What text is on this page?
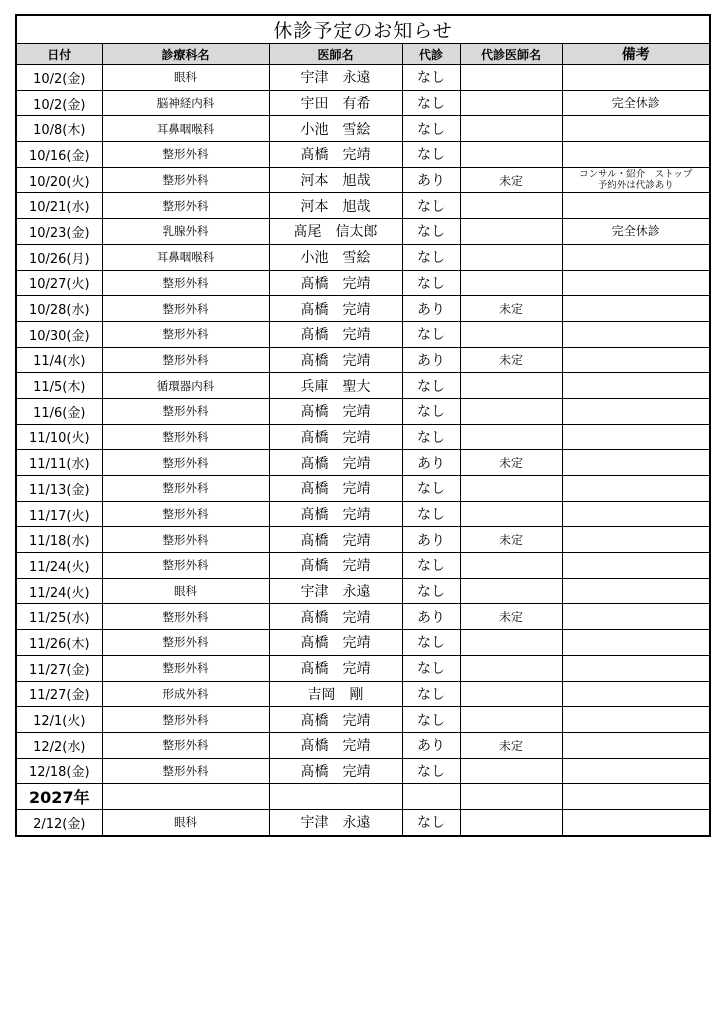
休診予定のお知らせ					
日付	診療科名	医師名	代診	代診医師名	備考
10/2(金)	眼科	宇津　永遠	なし		
10/2(金)	脳神経内科	宇田　有希	なし		完全休診
10/8(木)	耳鼻咽喉科	小池　雪絵	なし		
10/16(金)	整形外科	髙橋　完靖	なし		
10/20(火)	整形外科	河本　旭哉	あり	未定	コンサル・紹介　ストップ
予約外は代診あり
10/21(水)	整形外科	河本　旭哉	なし		
10/23(金)	乳腺外科	髙尾　信太郎	なし		完全休診
10/26(月)	耳鼻咽喉科	小池　雪絵	なし		
10/27(火)	整形外科	髙橋　完靖	なし		
10/28(水)	整形外科	髙橋　完靖	あり	未定	
10/30(金)	整形外科	髙橋　完靖	なし		
11/4(水)	整形外科	髙橋　完靖	あり	未定	
11/5(木)	循環器内科	兵庫　聖大	なし		
11/6(金)	整形外科	髙橋　完靖	なし		
11/10(火)	整形外科	髙橋　完靖	なし		
11/11(水)	整形外科	髙橋　完靖	あり	未定	
11/13(金)	整形外科	髙橋　完靖	なし		
11/17(火)	整形外科	髙橋　完靖	なし		
11/18(水)	整形外科	髙橋　完靖	あり	未定	
11/24(火)	整形外科	髙橋　完靖	なし		
11/24(火)	眼科	宇津　永遠	なし		
11/25(水)	整形外科	髙橋　完靖	あり	未定	
11/26(木)	整形外科	髙橋　完靖	なし		
11/27(金)	整形外科	髙橋　完靖	なし		
11/27(金)	形成外科	吉岡　剛	なし		
12/1(火)	整形外科	髙橋　完靖	なし		
12/2(水)	整形外科	髙橋　完靖	あり	未定	
12/18(金)	整形外科	髙橋　完靖	なし		
2027年					
2/12(金)	眼科	宇津　永遠	なし		
